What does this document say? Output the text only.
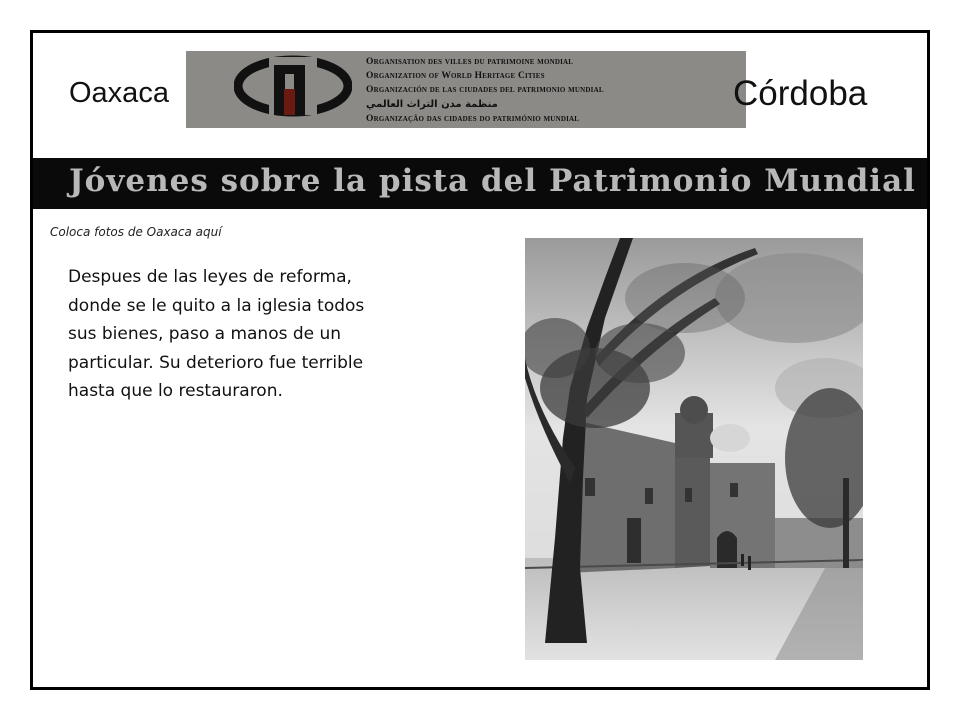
Oaxaca
Organisation des villes du patrimoine mondial
Organization of World Heritage Cities
Organización de las ciudades del patrimonio mundial
منظمة مدن التراث العالمي
Organização das cidades do património mundial
Córdoba
Jóvenes sobre la pista del Patrimonio Mundial
Coloca fotos de Oaxaca aquí
Despues de las leyes de reforma, donde se le quito a la iglesia todos sus bienes, paso a manos de un particular. Su deterioro fue terrible hasta que lo restauraron.
